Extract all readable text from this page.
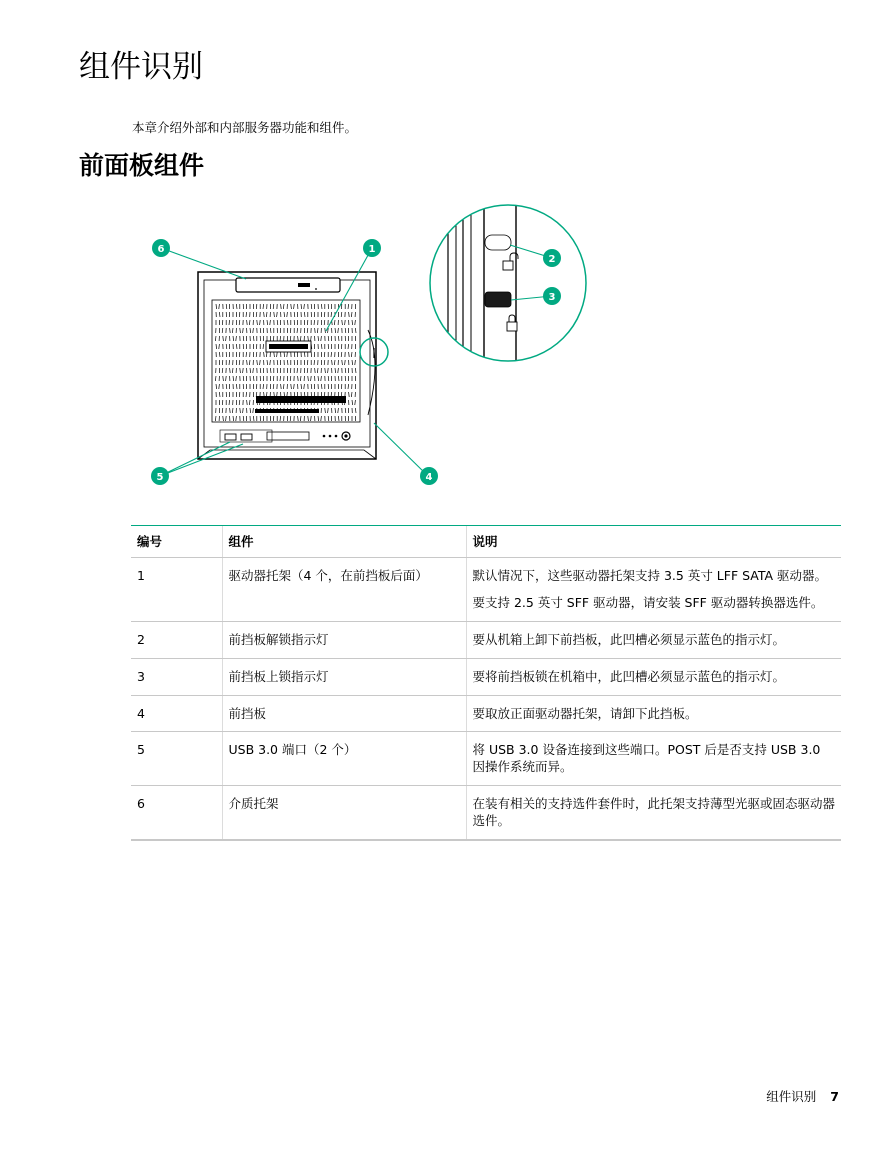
组件识别

本章介绍外部和内部服务器功能和组件。

前面板组件
6	1
2
3
4
5
编号	组件	说明
1	驱动器托架（4 个，在前挡板后面）	默认情况下，这些驱动器托架支持 3.5 英寸 LFF SATA 驱动器。

要支持 2.5 英寸 SFF 驱动器，请安装 SFF 驱动器转换器选件。

2	前挡板解锁指示灯	要从机箱上卸下前挡板，此凹槽必须显示蓝色的指示灯。

3	前挡板上锁指示灯	要将前挡板锁在机箱中，此凹槽必须显示蓝色的指示灯。

4	前挡板	要取放正面驱动器托架，请卸下此挡板。

5	USB 3.0 端口（2 个）	将 USB 3.0 设备连接到这些端口。POST 后是否支持 USB 3.0 因操作系统而异。

6	介质托架	在装有相关的支持选件套件时，此托架支持薄型光驱或固态驱动器选件。

组件识别 7
